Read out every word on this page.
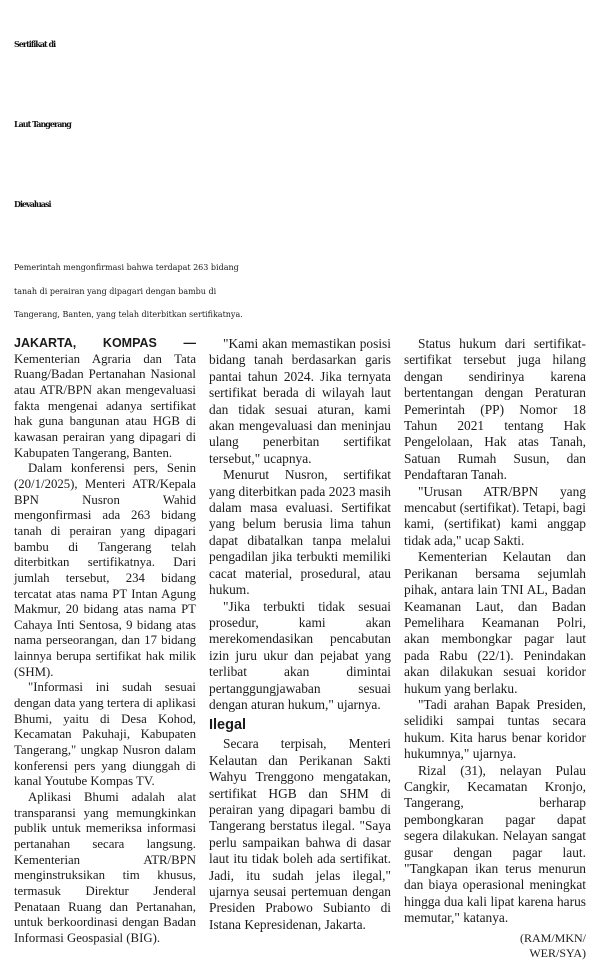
Sertifikat di
Laut Tangerang
Dievaluasi
Pemerintah mengonfirmasi bahwa terdapat 263 bidang
tanah di perairan yang dipagari dengan bambu di
Tangerang, Banten, yang telah diterbitkan sertifikatnya.

JAKARTA, KOMPAS — Kementerian Agraria dan Tata Ruang/Badan Pertanahan Nasional atau ATR/BPN akan mengevaluasi fakta mengenai adanya sertifikat hak guna bangunan atau HGB di kawasan perairan yang dipagari di Kabupaten Tangerang, Banten.

Dalam konferensi pers, Senin (20/1/2025), Menteri ATR/Kepala BPN Nusron Wahid mengonfirmasi ada 263 bidang tanah di perairan yang dipagari bambu di Tangerang telah diterbitkan sertifikatnya. Dari jumlah tersebut, 234 bidang tercatat atas nama PT Intan Agung Makmur, 20 bidang atas nama PT Cahaya Inti Sentosa, 9 bidang atas nama perseorangan, dan 17 bidang lainnya berupa sertifikat hak milik (SHM).

"Informasi ini sudah sesuai dengan data yang tertera di aplikasi Bhumi, yaitu di Desa Kohod, Kecamatan Pakuhaji, Kabupaten Tangerang," ungkap Nusron dalam konferensi pers yang diunggah di kanal Youtube Kompas TV.

Aplikasi Bhumi adalah alat transparansi yang memungkinkan publik untuk memeriksa informasi pertanahan secara langsung. Kementerian ATR/BPN menginstruksikan tim khusus, termasuk Direktur Jenderal Penataan Ruang dan Pertanahan, untuk berkoordinasi dengan Badan Informasi Geospasial (BIG).

"Kami akan memastikan posisi bidang tanah berdasarkan garis pantai tahun 2024. Jika ternyata sertifikat berada di wilayah laut dan tidak sesuai aturan, kami akan mengevaluasi dan meninjau ulang penerbitan sertifikat tersebut," ucapnya.

Menurut Nusron, sertifikat yang diterbitkan pada 2023 masih dalam masa evaluasi. Sertifikat yang belum berusia lima tahun dapat dibatalkan tanpa melalui pengadilan jika terbukti memiliki cacat material, prosedural, atau hukum.

"Jika terbukti tidak sesuai prosedur, kami akan merekomendasikan pencabutan izin juru ukur dan pejabat yang terlibat akan dimintai pertanggungjawaban sesuai dengan aturan hukum," ujarnya.

Ilegal

Secara terpisah, Menteri Kelautan dan Perikanan Sakti Wahyu Trenggono mengatakan, sertifikat HGB dan SHM di perairan yang dipagari bambu di Tangerang berstatus ilegal. "Saya perlu sampaikan bahwa di dasar laut itu tidak boleh ada sertifikat. Jadi, itu sudah jelas ilegal," ujarnya seusai pertemuan dengan Presiden Prabowo Subianto di Istana Kepresidenan, Jakarta.

Status hukum dari sertifikat-sertifikat tersebut juga hilang dengan sendirinya karena bertentangan dengan Peraturan Pemerintah (PP) Nomor 18 Tahun 2021 tentang Hak Pengelolaan, Hak atas Tanah, Satuan Rumah Susun, dan Pendaftaran Tanah.

"Urusan ATR/BPN yang mencabut (sertifikat). Tetapi, bagi kami, (sertifikat) kami anggap tidak ada," ucap Sakti.

Kementerian Kelautan dan Perikanan bersama sejumlah pihak, antara lain TNI AL, Badan Keamanan Laut, dan Badan Pemelihara Keamanan Polri, akan membongkar pagar laut pada Rabu (22/1). Penindakan akan dilakukan sesuai koridor hukum yang berlaku.

"Tadi arahan Bapak Presiden, selidiki sampai tuntas secara hukum. Kita harus benar koridor hukumnya," ujarnya.

Rizal (31), nelayan Pulau Cangkir, Kecamatan Kronjo, Tangerang, berharap pembongkaran pagar dapat segera dilakukan. Nelayan sangat gusar dengan pagar laut. "Tangkapan ikan terus menurun dan biaya operasional meningkat hingga dua kali lipat karena harus memutar," katanya.

(RAM/MKN/
WER/SYA)
